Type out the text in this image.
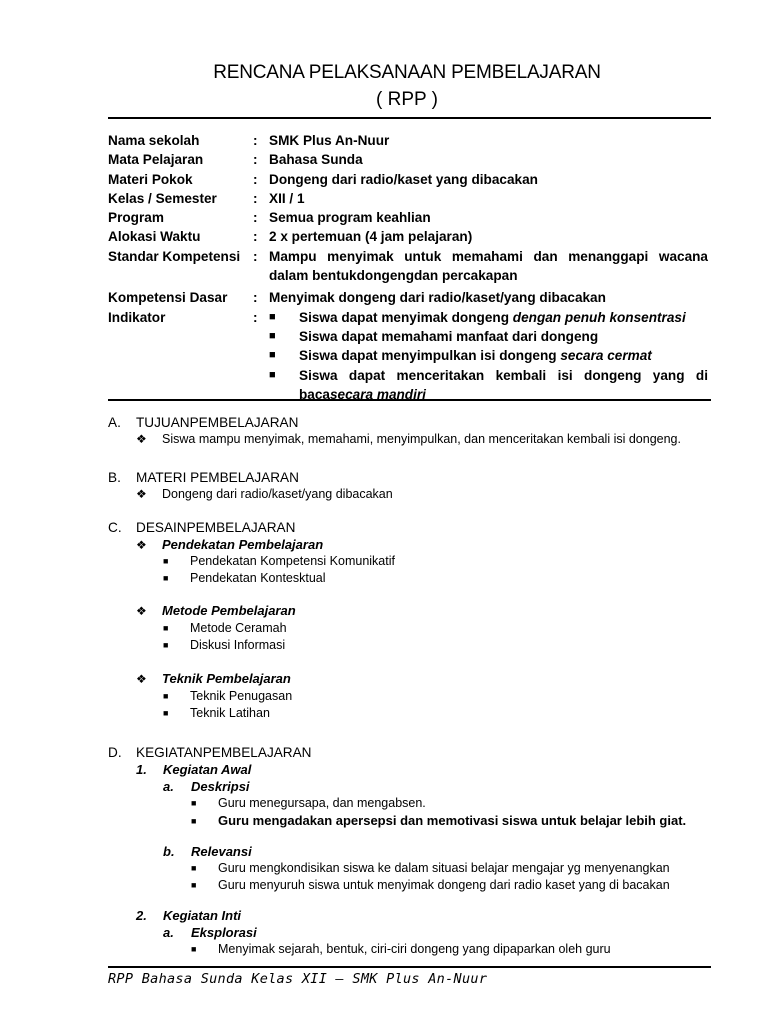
RENCANA PELAKSANAAN PEMBELAJARAN
( RPP )
Nama sekolah	: SMK Plus An-Nuur
Mata Pelajaran	: Bahasa Sunda
Materi Pokok	: Dongeng dari radio/kaset yang dibacakan
Kelas / Semester	: XII / 1
Program	: Semua program keahlian
Alokasi Waktu	: 2 x pertemuan (4 jam pelajaran)
Standar Kompetensi : Mampu menyimak untuk memahami dan menanggapi wacana dalam bentukdongengdan percakapan
Kompetensi Dasar	: Menyimak dongeng dari radio/kaset/yang dibacakan
Indikator	:	■	Siswa dapat menyimak dongeng dengan penuh konsentrasi
■	Siswa dapat memahami manfaat dari dongeng
■	Siswa dapat menyimpulkan isi dongeng secara cermat
■	Siswa dapat menceritakan kembali isi dongeng yang di bacasecara mandiri
A.	TUJUANPEMBELAJARAN
❖ Siswa mampu menyimak, memahami, menyimpulkan, dan menceritakan kembali isi dongeng.
B.	MATERI PEMBELAJARAN
❖ Dongeng dari radio/kaset/yang dibacakan
C.	DESAINPEMBELAJARAN
❖ Pendekatan Pembelajaran
■ Pendekatan Kompetensi Komunikatif
■ Pendekatan Kontesktual
❖ Metode Pembelajaran
■ Metode Ceramah
■ Diskusi Informasi
❖ Teknik Pembelajaran
■ Teknik Penugasan
■ Teknik Latihan
D.	KEGIATANPEMBELAJARAN
1. Kegiatan Awal
a. Deskripsi
■ Guru menegursapa, dan mengabsen.
■ Guru mengadakan apersepsi dan memotivasi siswa untuk belajar lebih giat.
b. Relevansi
■ Guru mengkondisikan siswa ke dalam situasi belajar mengajar yg menyenangkan
■ Guru menyuruh siswa untuk menyimak dongeng dari radio kaset yang di bacakan
2. Kegiatan Inti
a. Eksplorasi
■ Menyimak sejarah, bentuk, ciri-ciri dongeng yang dipaparkan oleh guru
RPP Bahasa Sunda Kelas XII – SMK Plus An-Nuur
